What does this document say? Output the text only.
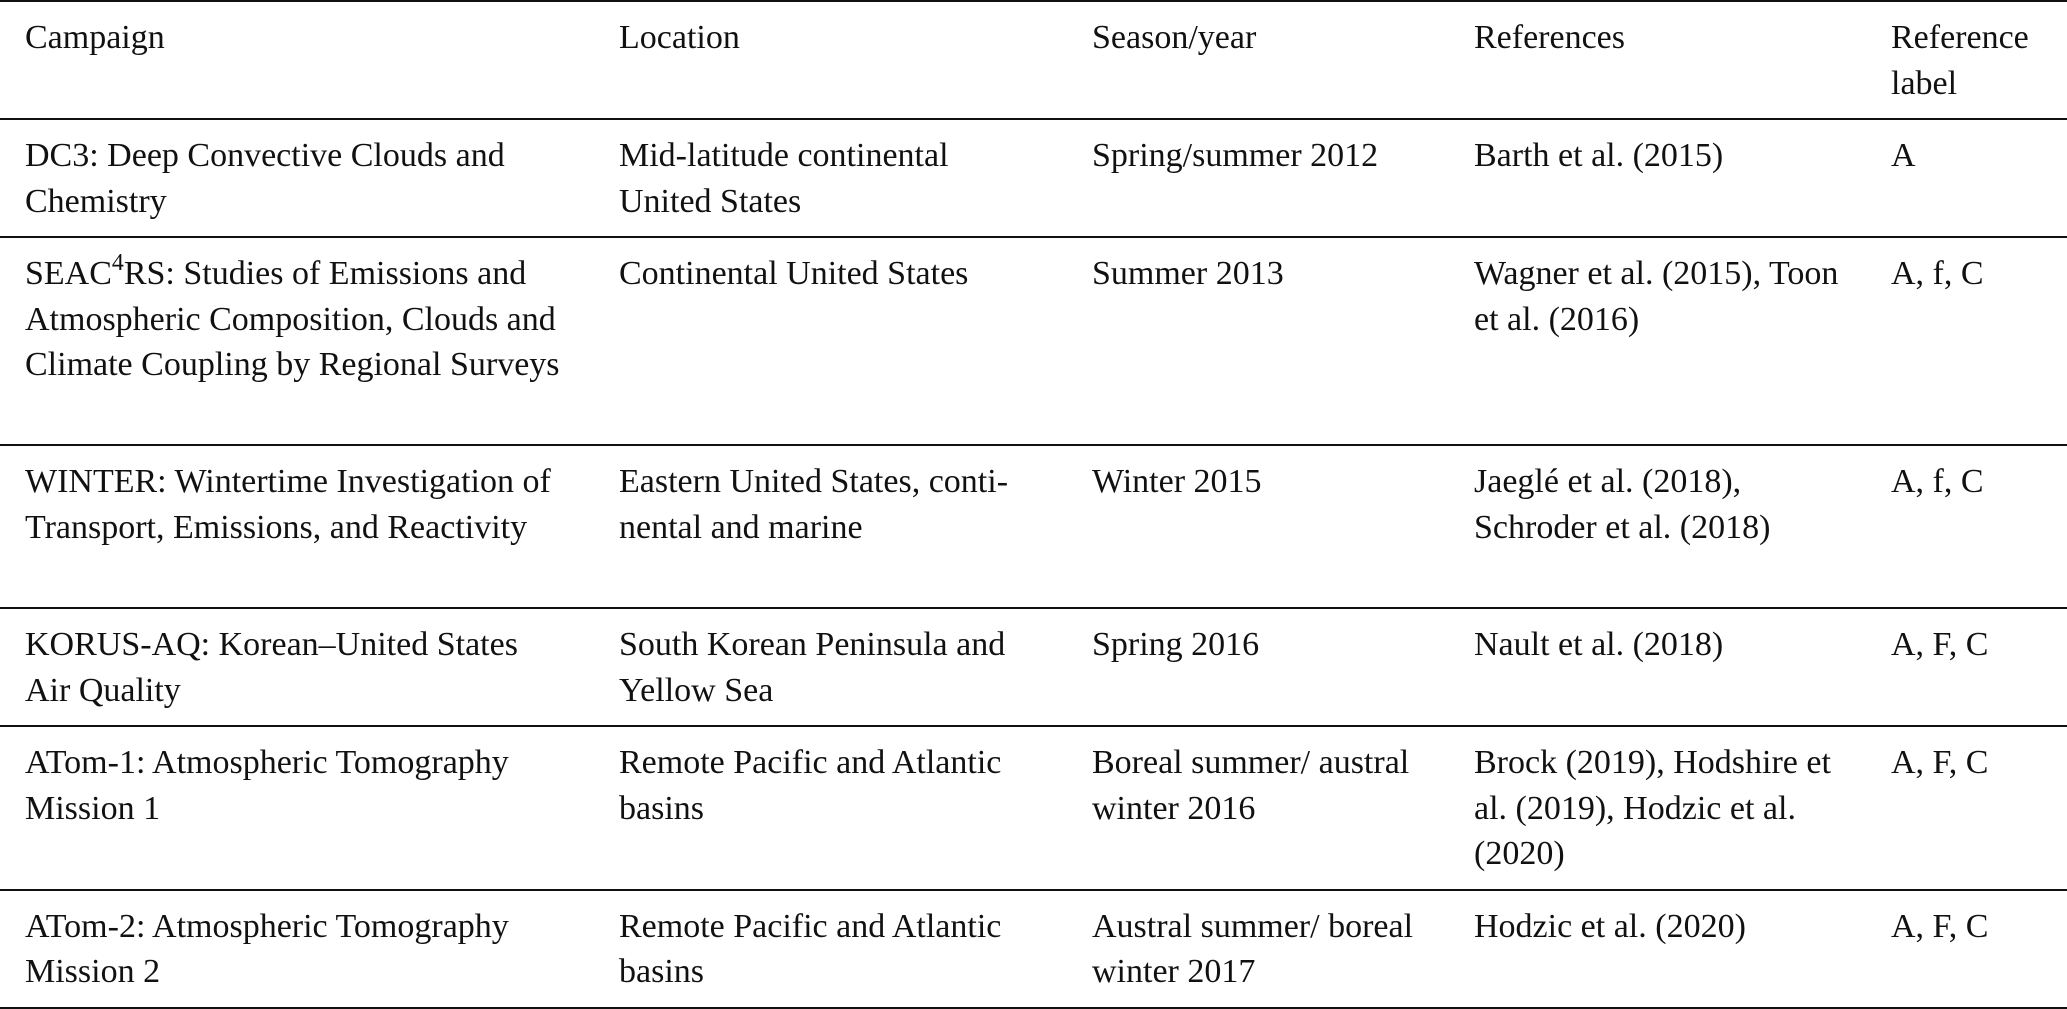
Campaign	Location	Season/year	References	Reference label
DC3: Deep Convective Clouds and Chemistry	Mid-latitude continental United States	Spring/summer 2012	Barth et al. (2015)	A
SEAC$^4$RS: Studies of Emissions and Atmospheric Composition, Clouds and Climate Coupling by Regional Surveys	Continental United States	Summer 2013	Wagner et al. (2015), Toon et al. (2016)	A, f, C
WINTER: Wintertime Investigation of Transport, Emissions, and Reactivity	Eastern United States, continental and marine	Winter 2015	Jaeglé et al. (2018), Schroder et al. (2018)	A, f, C
KORUS-AQ: Korean–United States Air Quality	South Korean Peninsula and Yellow Sea	Spring 2016	Nault et al. (2018)	A, F, C
ATom-1: Atmospheric Tomography Mission 1	Remote Pacific and Atlantic basins	Boreal summer/ austral winter 2016	Brock (2019), Hodshire et al. (2019), Hodzic et al. (2020)	A, F, C
ATom-2: Atmospheric Tomography Mission 2	Remote Pacific and Atlantic basins	Austral summer/ boreal winter 2017	Hodzic et al. (2020)	A, F, C
